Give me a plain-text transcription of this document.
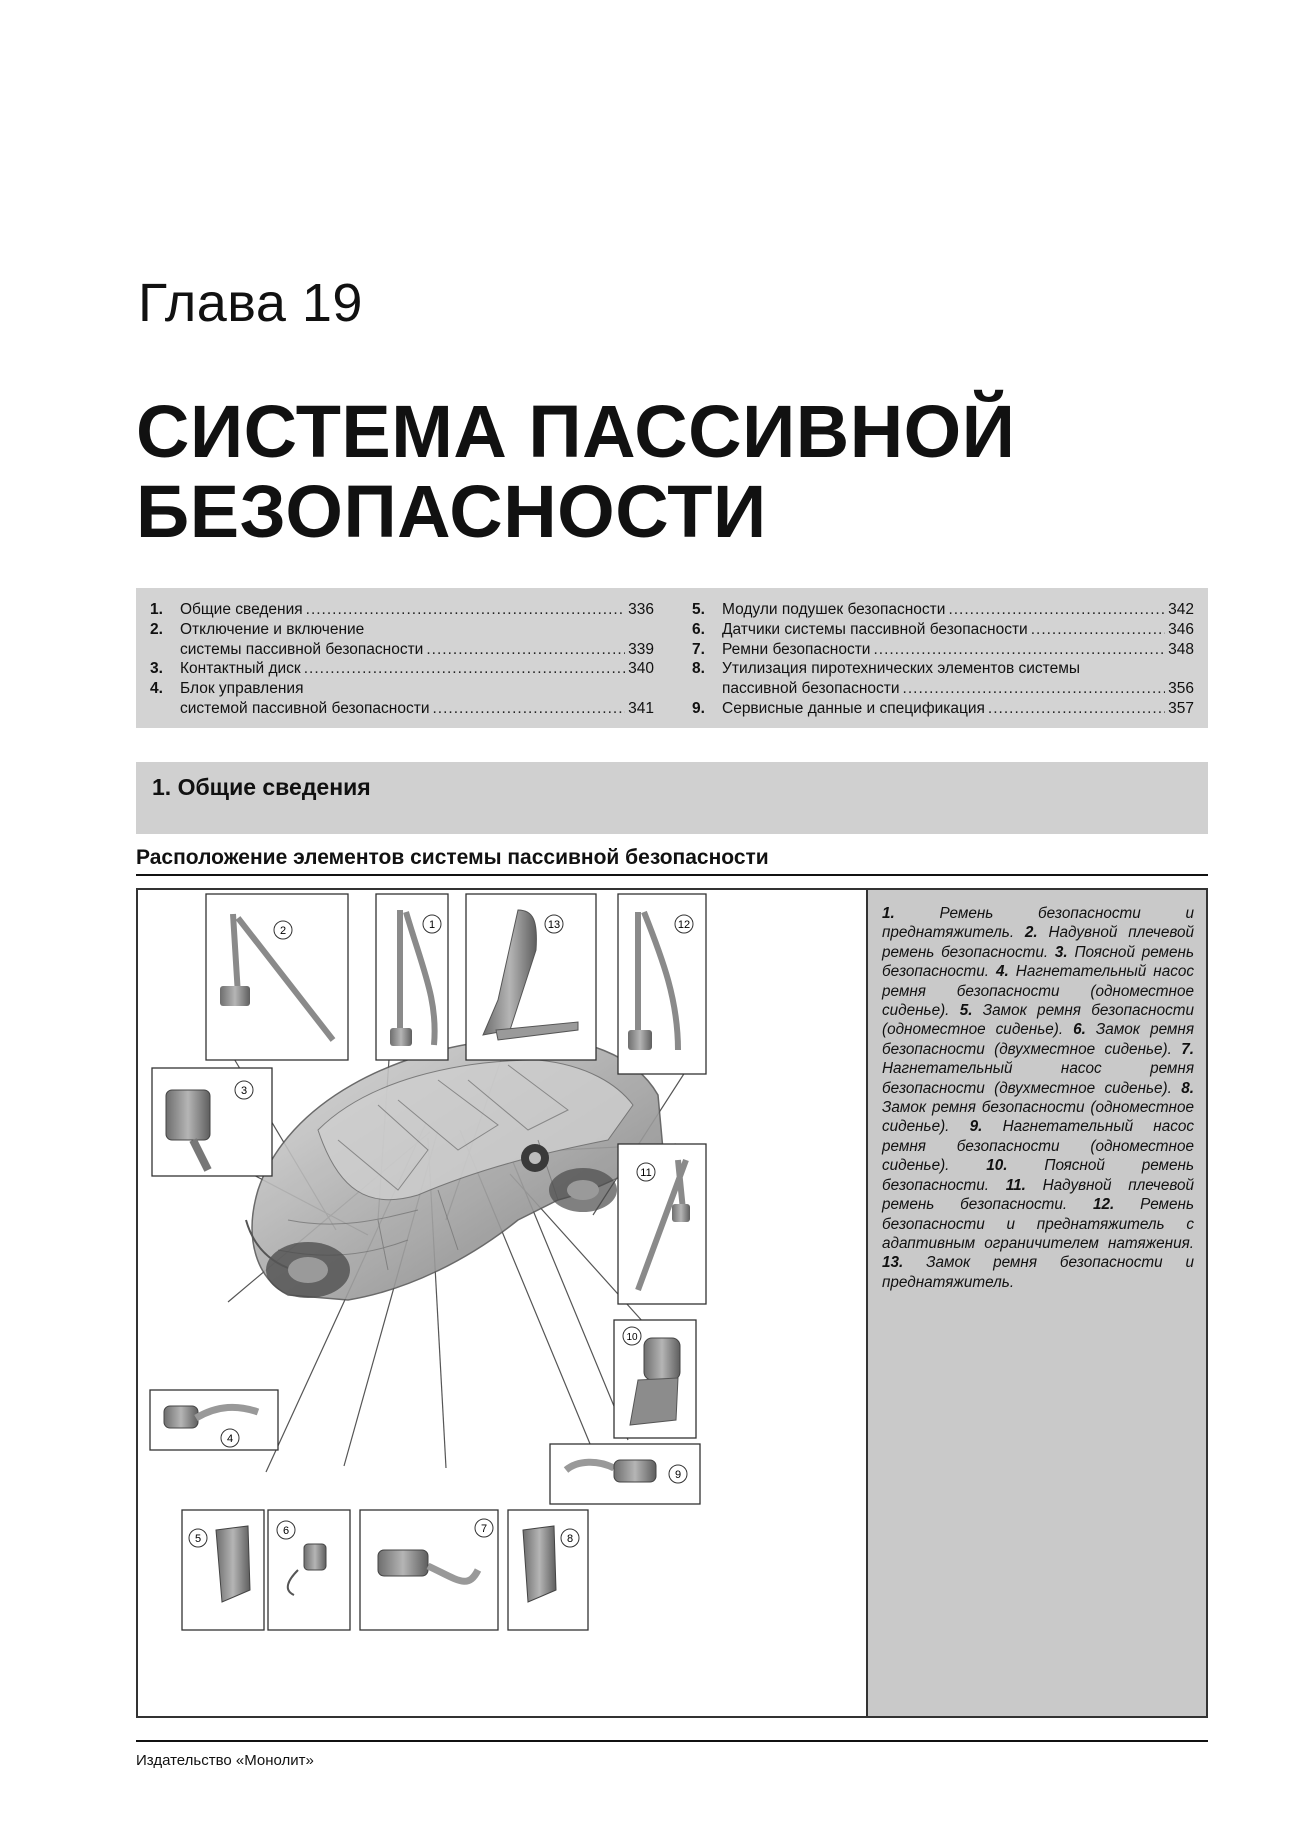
Глава 19
СИСТЕМА ПАССИВНОЙ
БЕЗОПАСНОСТИ
1.	Общие сведения .....	336
2.	Отключение и включение
системы пассивной безопасности .....	339
3.	Контактный диск .....	340
4.	Блок управления
системой пассивной безопасности .....	341
5.	Модули подушек безопасности .....	342
6.	Датчики системы пассивной безопасности .....	346
7.	Ремни безопасности .....	348
8.	Утилизация пиротехнических элементов системы
пассивной безопасности .....	356
9.	Сервисные данные и спецификация .....	357
1. Общие сведения
Расположение элементов системы пассивной безопасности
2	1	13	12
3
11
10
4
9
5
6	7
8
1.	Ремень безопасности и преднатяжитель. 2. Надувной плечевой ремень безопасности. 3. Поясной ремень безопасности. 4. Нагнетательный насос ремня безопасности (одноместное сиденье). 5. Замок ремня безопасности (одноместное сиденье). 6. Замок ремня безопасности (двухместное сиденье). 7. Нагнетательный насос ремня безопасности (двухместное сиденье). 8. Замок ремня безопасности (одноместное сиденье). 9. Нагнетательный насос ремня безопасности (одноместное сиденье). 10. Поясной ремень безопасности. 11. Надувной плечевой ремень безопасности. 12. Ремень безопасности и преднатяжитель с адаптивным ограничителем натяжения. 13. Замок ремня безопасности и преднатяжитель.
Издательство «Монолит»
